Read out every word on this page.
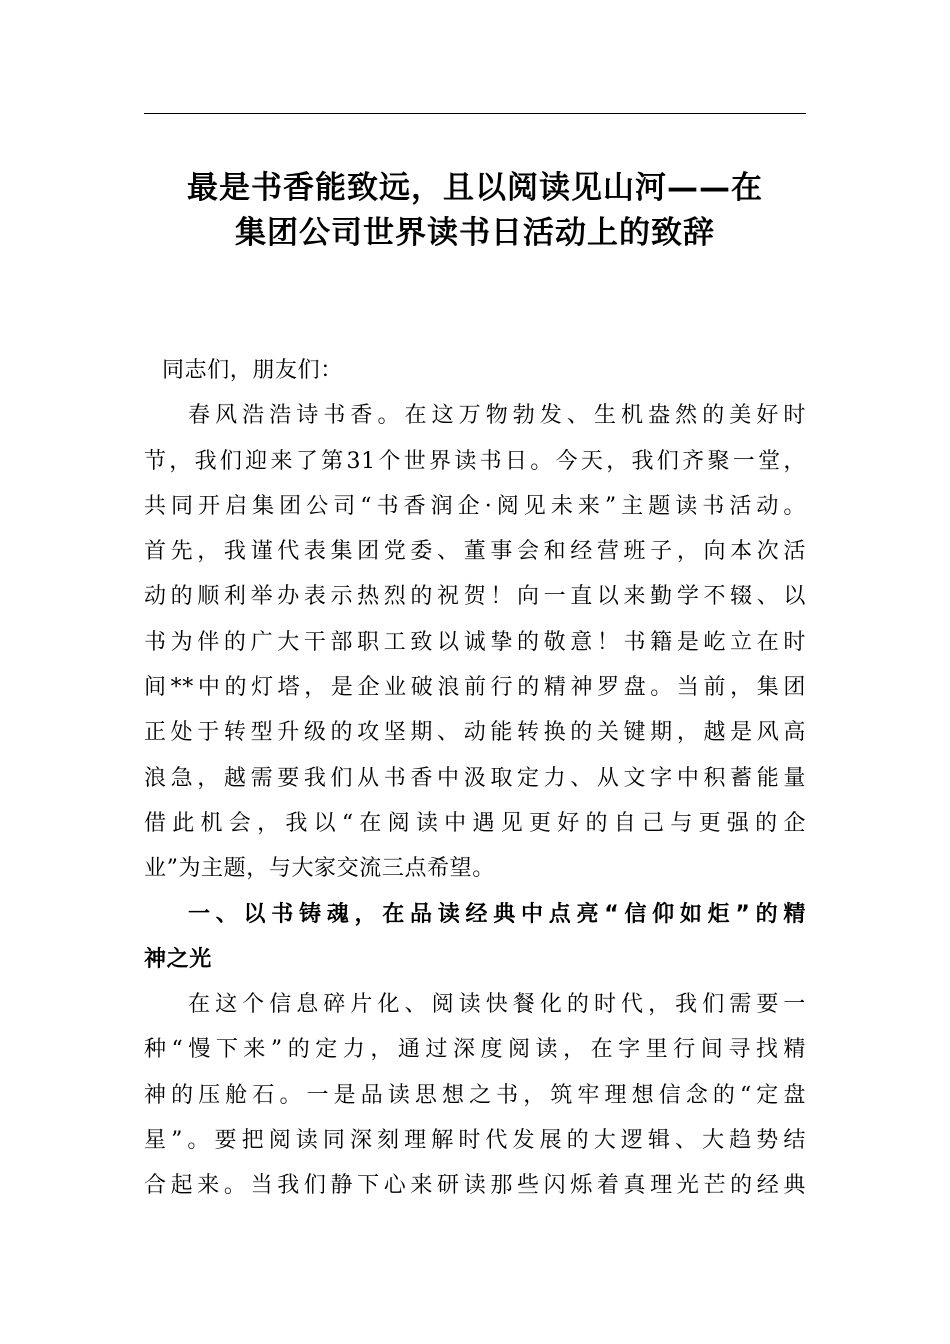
最是书香能致远，且以阅读见山河——在
集团公司世界读书日活动上的致辞
同志们，朋友们：
春风浩浩诗书香。在这万物勃发、生机盎然的美好时
节，我们迎来了第31个世界读书日。今天，我们齐聚一堂，
共同开启集团公司“书香润企·阅见未来”主题读书活动。
首先，我谨代表集团党委、董事会和经营班子，向本次活
动的顺利举办表示热烈的祝贺！向一直以来勤学不辍、以
书为伴的广大干部职工致以诚挚的敬意！书籍是屹立在时
间**中的灯塔，是企业破浪前行的精神罗盘。当前，集团
正处于转型升级的攻坚期、动能转换的关键期，越是风高
浪急，越需要我们从书香中汲取定力、从文字中积蓄能量
借此机会，我以“在阅读中遇见更好的自己与更强的企
业”为主题，与大家交流三点希望。
一、以书铸魂，在品读经典中点亮“信仰如炬”的精
神之光
在这个信息碎片化、阅读快餐化的时代，我们需要一
种“慢下来”的定力，通过深度阅读，在字里行间寻找精
神的压舱石。一是品读思想之书，筑牢理想信念的“定盘
星”。要把阅读同深刻理解时代发展的大逻辑、大趋势结
合起来。当我们静下心来研读那些闪烁着真理光芒的经典
